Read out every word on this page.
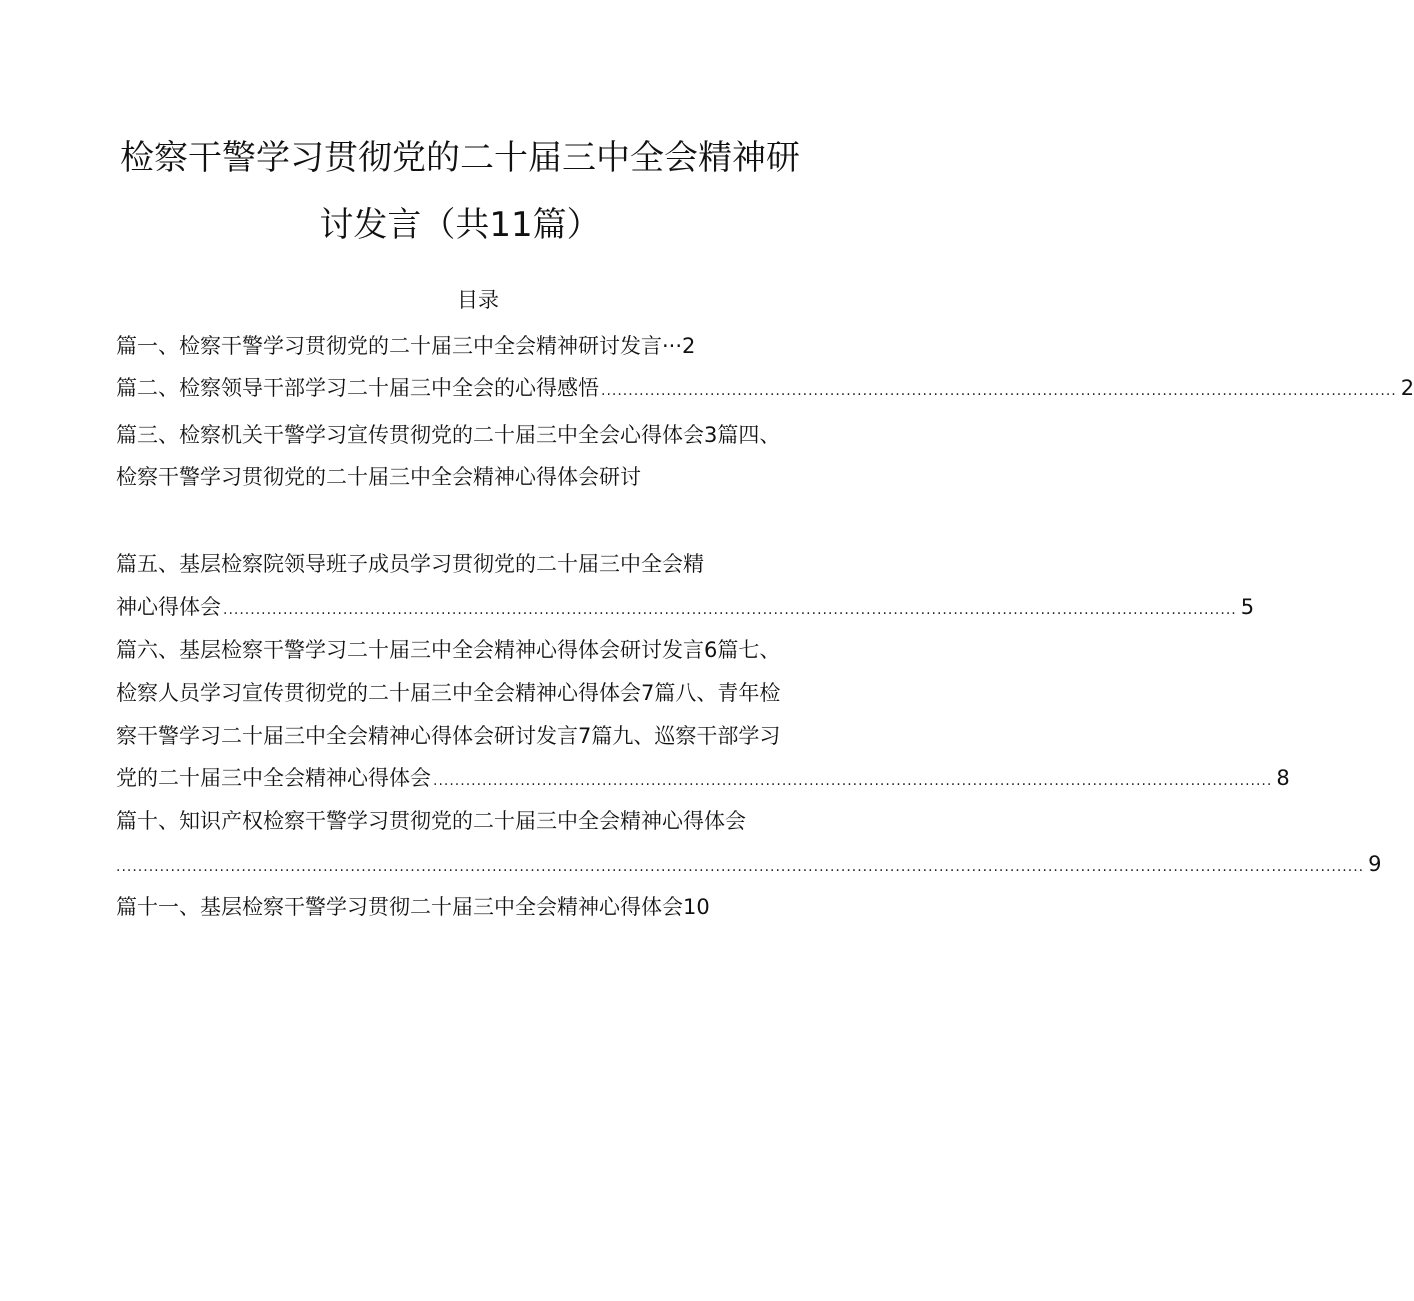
检察干警学习贯彻党的二十届三中全会精神研
讨发言（共11篇）
目录
篇一、检察干警学习贯彻党的二十届三中全会精神研讨发言···2
篇二、检察领导干部学习二十届三中全会的心得感悟 .................................................................................................................................................. 2
篇三、检察机关干警学习宣传贯彻党的二十届三中全会心得体会3篇四、
检察干警学习贯彻党的二十届三中全会精神心得体会研讨
篇五、基层检察院领导班子成员学习贯彻党的二十届三中全会精
神心得体会 .......................................................................................................................................................................................... 5
篇六、基层检察干警学习二十届三中全会精神心得体会研讨发言6篇七、
检察人员学习宣传贯彻党的二十届三中全会精神心得体会7篇八、青年检
察干警学习二十届三中全会精神心得体会研讨发言7篇九、巡察干部学习
党的二十届三中全会精神心得体会 .......................................................................................................................................................... 8
篇十、知识产权检察干警学习贯彻党的二十届三中全会精神心得体会
..................................................................................................................................................................................................................................... 9
篇十一、基层检察干警学习贯彻二十届三中全会精神心得体会10
